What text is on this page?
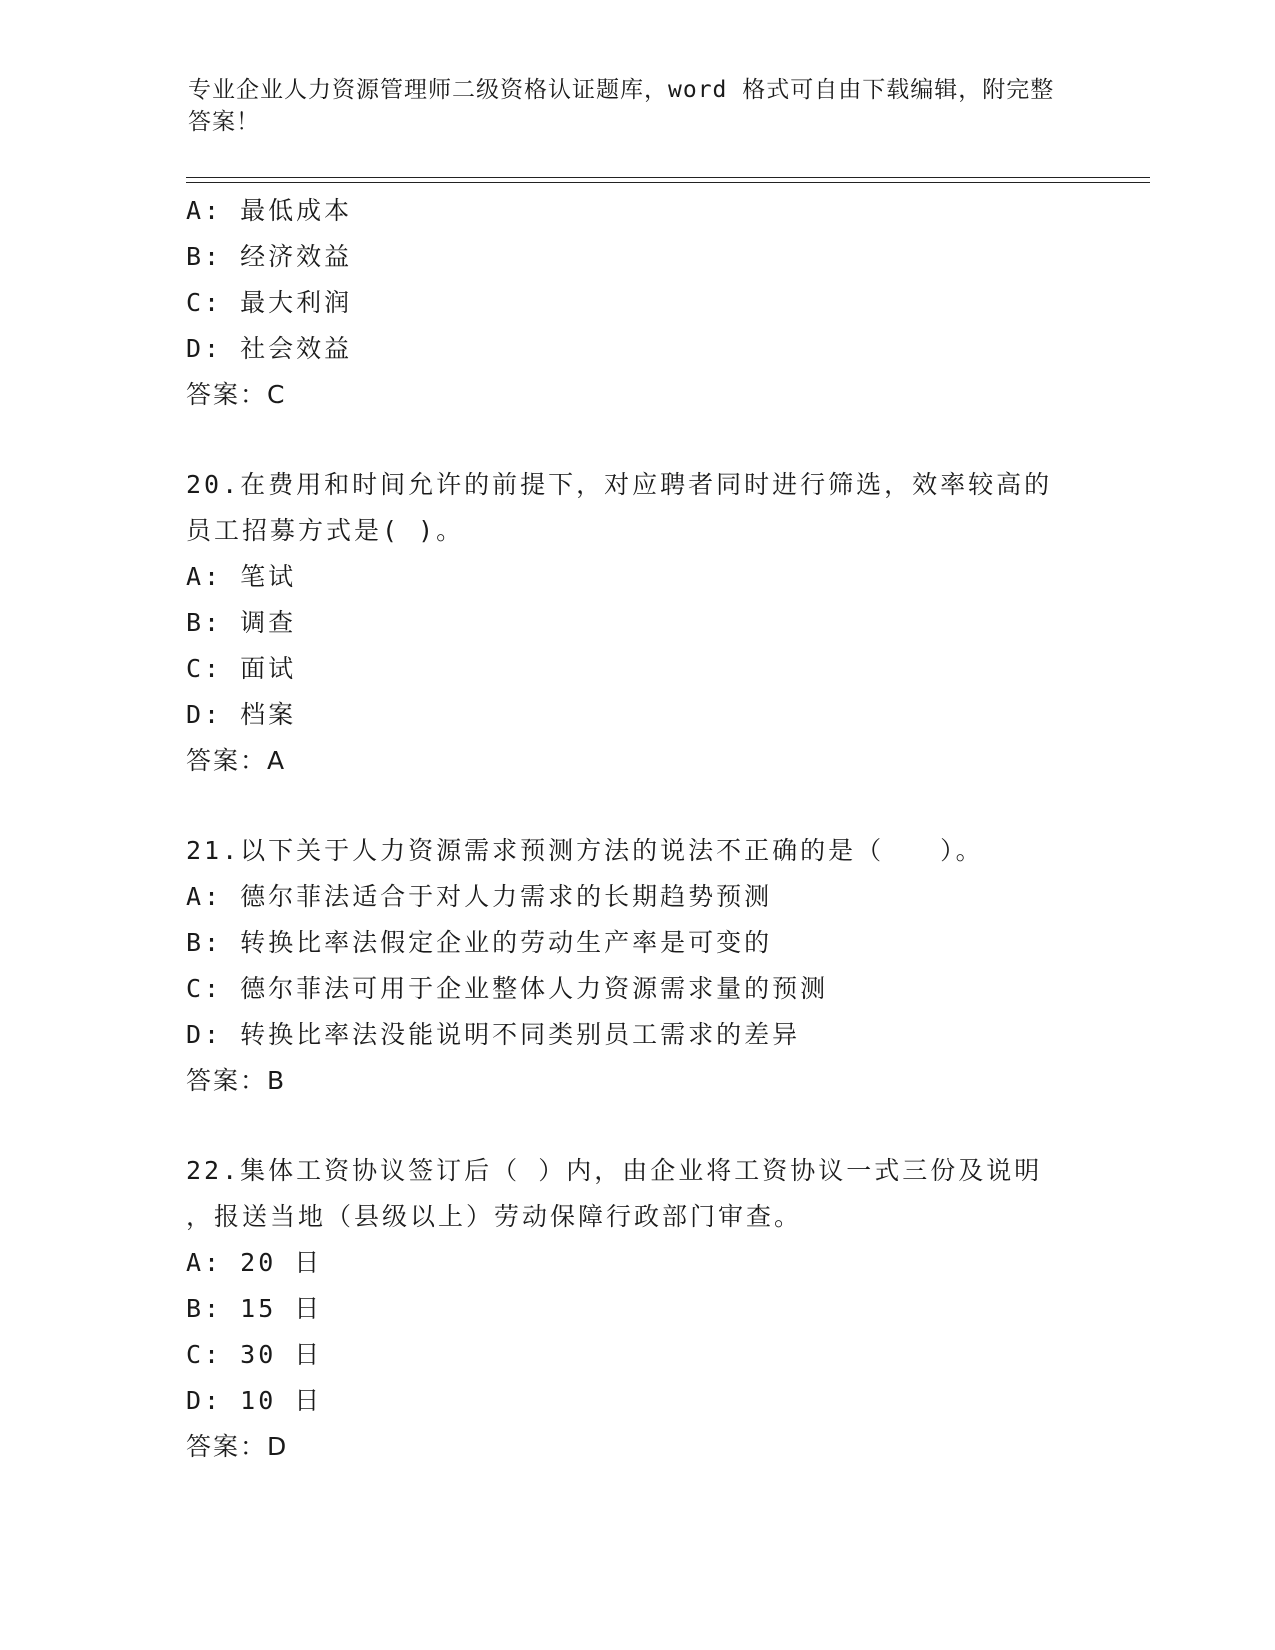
专业企业人力资源管理师二级资格认证题库，word 格式可自由下载编辑，附完整答案！

A: 最低成本

B: 经济效益

C: 最大利润

D: 社会效益

答案：C

20.在费用和时间允许的前提下，对应聘者同时进行筛选，效率较高的

员工招募方式是( )。

A: 笔试

B: 调查

C: 面试

D: 档案

答案：A

21.以下关于人力资源需求预测方法的说法不正确的是（　　）。

A: 德尔菲法适合于对人力需求的长期趋势预测

B: 转换比率法假定企业的劳动生产率是可变的

C: 德尔菲法可用于企业整体人力资源需求量的预测

D: 转换比率法没能说明不同类别员工需求的差异

答案：B

22.集体工资协议签订后（ ）内，由企业将工资协议一式三份及说明

，报送当地（县级以上）劳动保障行政部门审查。

A: 20 日

B: 15 日

C: 30 日

D: 10 日

答案：D
